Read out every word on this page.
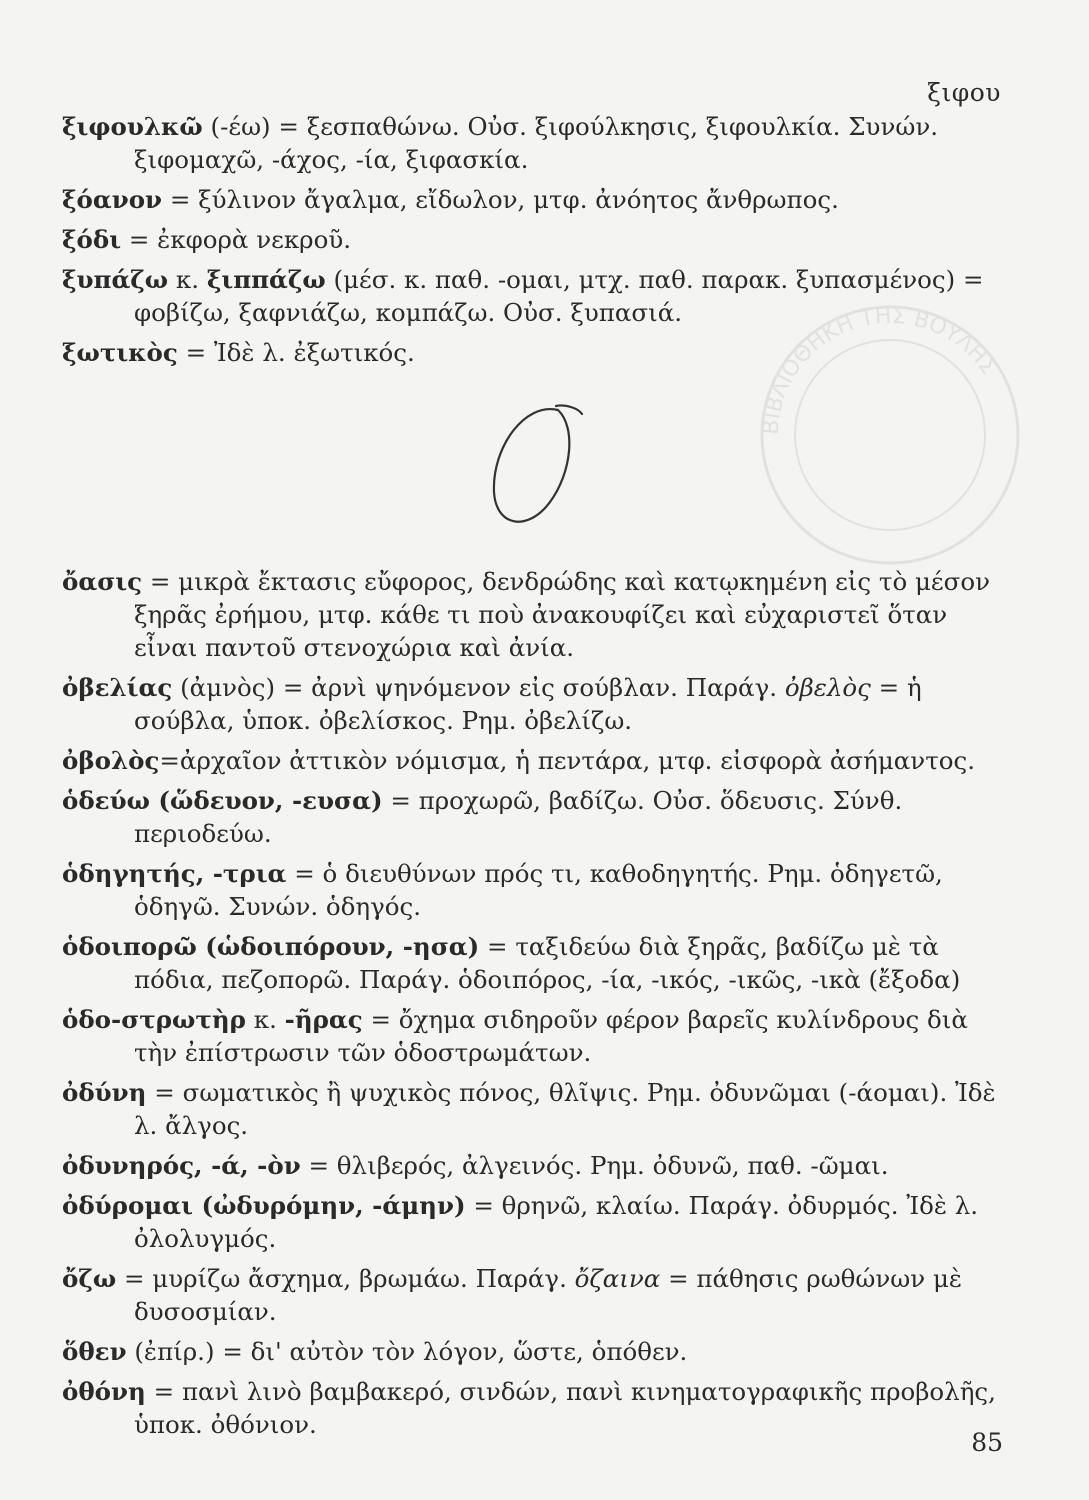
ξιφου
ΒΙΒΛΙΟΘΗΚΗ ΤΗΣ ΒΟΥΛΗΣ
ξιφουλκῶ (-έω) = ξεσπαθώνω. Οὐσ. ξιφούλκησις, ξιφουλκία. Συνών. ξιφομαχῶ, -άχος, -ία, ξιφασκία.
ξόανον = ξύλινον ἄγαλμα, εἴδωλον, μτφ. ἀνόητος ἄνθρωπος.
ξόδι = ἐκφορὰ νεκροῦ.
ξυπάζω κ. ξιππάζω (μέσ. κ. παθ. -ομαι, μτχ. παθ. παρακ. ξυπασμένος) = φοβίζω, ξαφνιάζω, κομπάζω. Οὐσ. ξυπασιά.
ξωτικὸς = Ἰδὲ λ. ἐξωτικός.
ὄασις = μικρὰ ἔκτασις εὔφορος, δενδρώδης καὶ κατῳκημένη εἰς τὸ μέσον ξηρᾶς ἐρήμου, μτφ. κάθε τι ποὺ ἀνακουφίζει καὶ εὐχαριστεῖ ὅταν εἶναι παντοῦ στενοχώρια καὶ ἀνία.
ὀβελίας (ἀμνὸς) = ἀρνὶ ψηνόμενον εἰς σούβλαν. Παράγ. ὀβελὸς = ἡ σούβλα, ὑποκ. ὀβελίσκος. Ρημ. ὀβελίζω.
ὀβολὸς=ἀρχαῖον ἀττικὸν νόμισμα, ἡ πεντάρα, μτφ. εἰσφορὰ ἀσήμαντος.
ὁδεύω (ὥδευον, -ευσα) = προχωρῶ, βαδίζω. Οὐσ. ὅδευσις. Σύνθ. περιοδεύω.
ὁδηγητής, -τρια = ὁ διευθύνων πρός τι, καθοδηγητής. Ρημ. ὁδηγετῶ, ὁδηγῶ. Συνών. ὁδηγός.
ὁδοιπορῶ (ὡδοιπόρουν, -ησα) = ταξιδεύω διὰ ξηρᾶς, βαδίζω μὲ τὰ πόδια, πεζοπορῶ. Παράγ. ὁδοιπόρος, -ία, -ικός, -ικῶς, -ικὰ (ἔξοδα)
ὁδο-στρωτὴρ κ. -ῆρας = ὄχημα σιδηροῦν φέρον βαρεῖς κυλίνδρους διὰ τὴν ἐπίστρωσιν τῶν ὁδοστρωμάτων.
ὀδύνη = σωματικὸς ἢ ψυχικὸς πόνος, θλῖψις. Ρημ. ὀδυνῶμαι (-άομαι). Ἰδὲ λ. ἄλγος.
ὀδυνηρός, -ά, -ὸν = θλιβερός, ἀλγεινός. Ρημ. ὀδυνῶ, παθ. -ῶμαι.
ὀδύρομαι (ὠδυρόμην, -άμην) = θρηνῶ, κλαίω. Παράγ. ὀδυρμός. Ἰδὲ λ. ὀλολυγμός.
ὄζω = μυρίζω ἄσχημα, βρωμάω. Παράγ. ὄζαινα = πάθησις ρωθώνων μὲ δυσοσμίαν.
ὅθεν (ἐπίρ.) = δι' αὐτὸν τὸν λόγον, ὥστε, ὁπόθεν.
ὀθόνη = πανὶ λινὸ βαμβακερό, σινδών, πανὶ κινηματογραφικῆς προβολῆς, ὑποκ. ὀθόνιον.
85
